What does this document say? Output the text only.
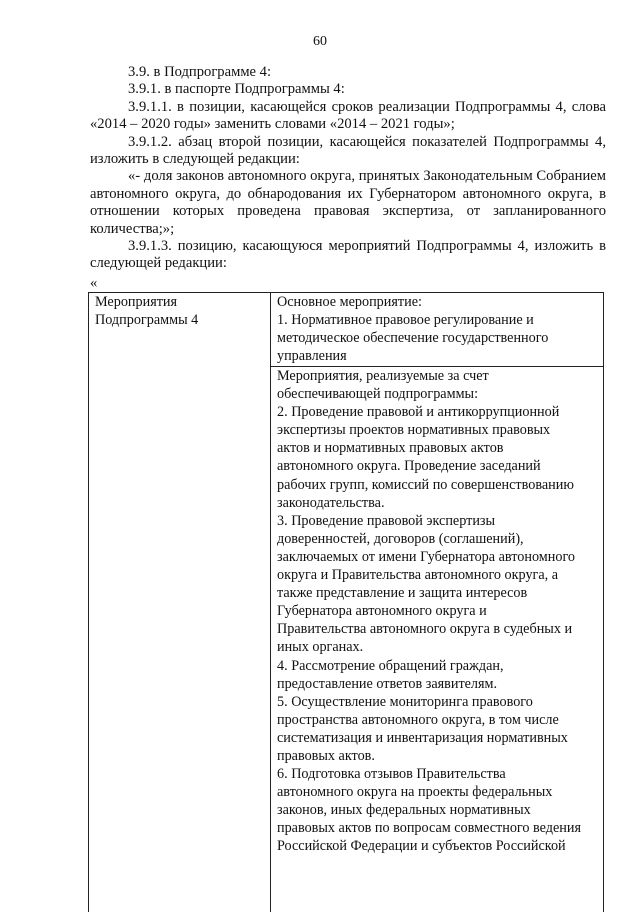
60

3.9. в Подпрограмме 4:

3.9.1. в паспорте Подпрограммы 4:

3.9.1.1. в позиции, касающейся сроков реализации Подпрограммы 4, слова «2014 – 2020 годы» заменить словами «2014 – 2021 годы»;

3.9.1.2. абзац второй позиции, касающейся показателей Подпрограммы 4, изложить в следующей редакции:

«- доля законов автономного округа, принятых Законодательным Собранием автономного округа, до обнародования их Губернатором автономного округа, в отношении которых проведена правовая экспертиза, от запланированного количества;»;

3.9.1.3. позицию, касающуюся мероприятий Подпрограммы 4, изложить в следующей редакции:

«
Мероприятия
Подпрограммы 4
Основное мероприятие:
1. Нормативное правовое регулирование и
методическое обеспечение государственного
управления
Мероприятия, реализуемые за счет
обеспечивающей подпрограммы:
2. Проведение правовой и антикоррупционной
экспертизы проектов нормативных правовых
актов и нормативных правовых актов
автономного округа. Проведение заседаний
рабочих групп, комиссий по совершенствованию
законодательства.
3. Проведение правовой экспертизы
доверенностей, договоров (соглашений),
заключаемых от имени Губернатора автономного
округа и Правительства автономного округа, а
также представление и защита интересов
Губернатора автономного округа и
Правительства автономного округа в судебных и
иных органах.
4. Рассмотрение обращений граждан,
предоставление ответов заявителям.
5. Осуществление мониторинга правового
пространства автономного округа, в том числе
систематизация и инвентаризация нормативных
правовых актов.
6. Подготовка отзывов Правительства
автономного округа на проекты федеральных
законов, иных федеральных нормативных
правовых актов по вопросам совместного ведения
Российской Федерации и субъектов Российской
